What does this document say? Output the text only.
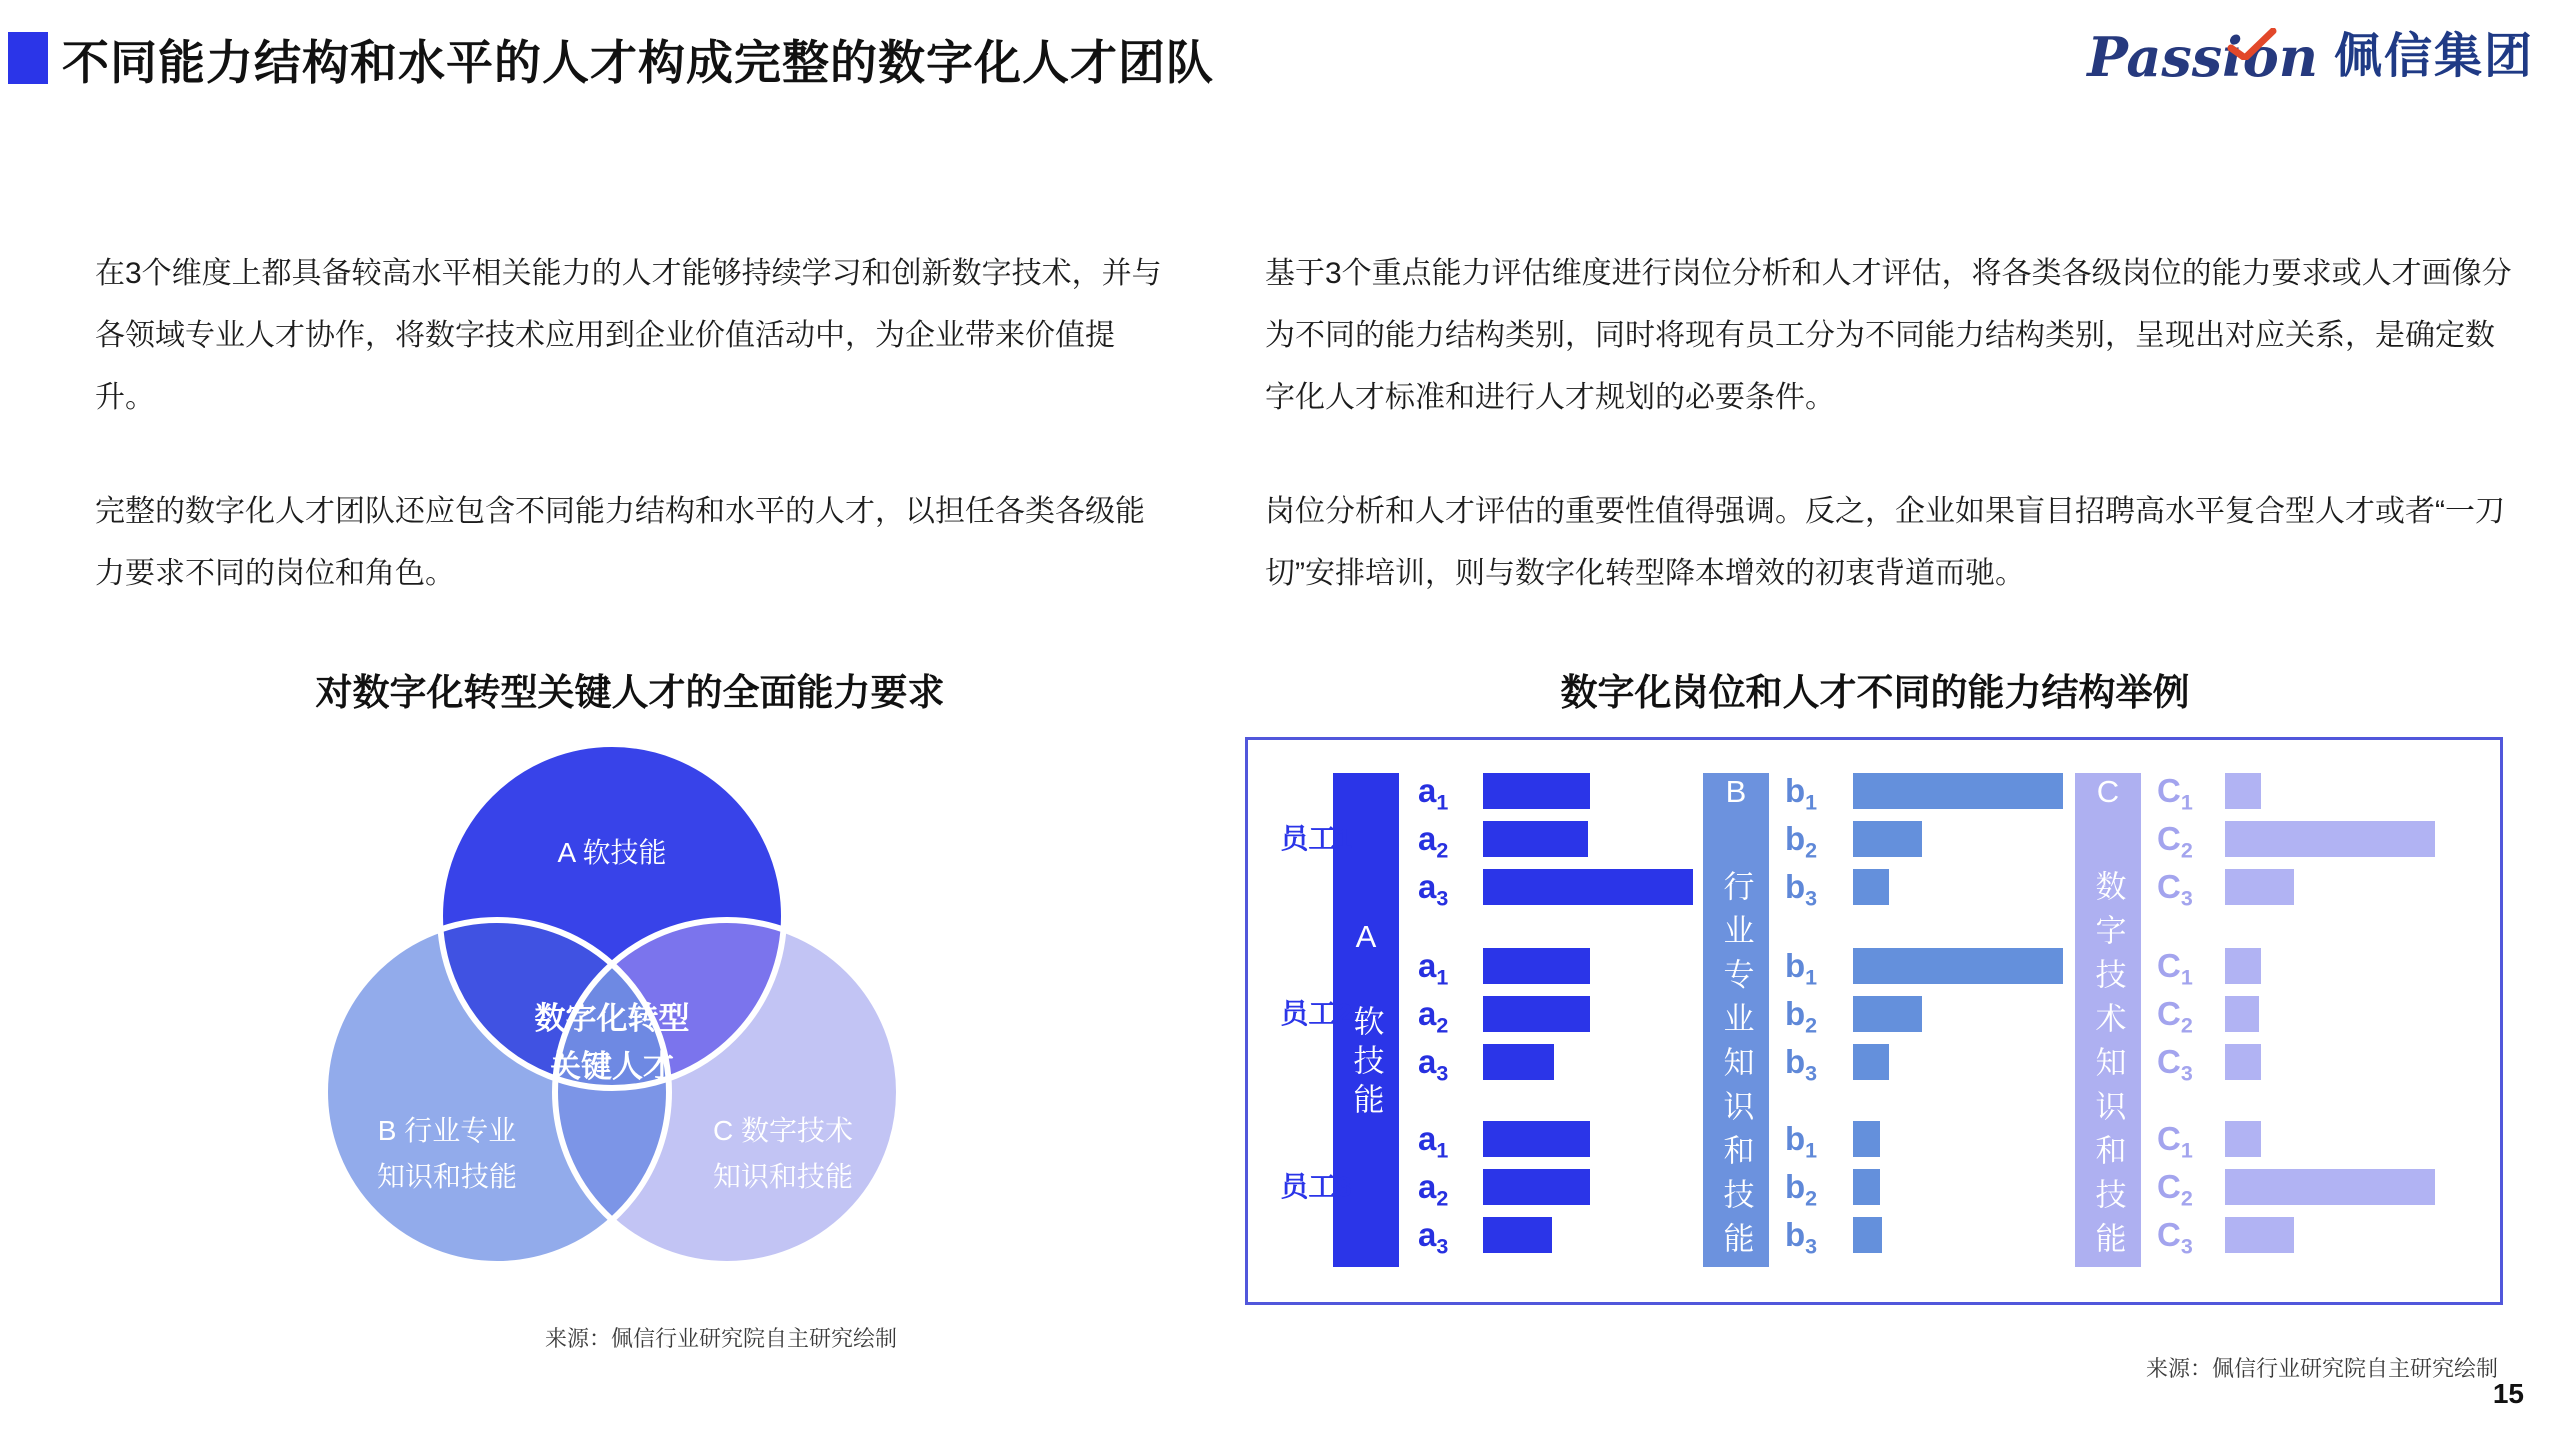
不同能力结构和水平的人才构成完整的数字化人才团队	Passion 佩信集团

在3个维度上都具备较高水平相关能力的人才能够持续学习和创新数字技术，并与各领域专业人才协作，将数字技术应用到企业价值活动中，为企业带来价值提升。

完整的数字化人才团队还应包含不同能力结构和水平的人才，以担任各类各级能力要求不同的岗位和角色。

基于3个重点能力评估维度进行岗位分析和人才评估，将各类各级岗位的能力要求或人才画像分为不同的能力结构类别，同时将现有员工分为不同能力结构类别，呈现出对应关系，是确定数字化人才标准和进行人才规划的必要条件。

岗位分析和人才评估的重要性值得强调。反之，企业如果盲目招聘高水平复合型人才或者“一刀切”安排培训，则与数字化转型降本增效的初衷背道而驰。

对数字化转型关键人才的全面能力要求	数字化岗位和人才不同的能力结构举例
A 软技能
B 行业专业
知识和技能
C 数字技术
知识和技能
数字化转型
关键人才	A 软技能	B 行业专业知识和技能	C 数字技术知识和技能
员工1
$a_1$
$a_2$
$a_3$
$b_1$
$b_2$
$b_3$
$C_1$
$C_2$
$C_3$
员工2
$a_1$
$a_2$
$a_3$
$b_1$
$b_2$
$b_3$
$C_1$
$C_2$
$C_3$
员工3
$a_1$
$a_2$
$a_3$
$b_1$
$b_2$
$b_3$
$C_1$
$C_2$
$C_3$
来源：佩信行业研究院自主研究绘制
来源：佩信行业研究院自主研究绘制
15
